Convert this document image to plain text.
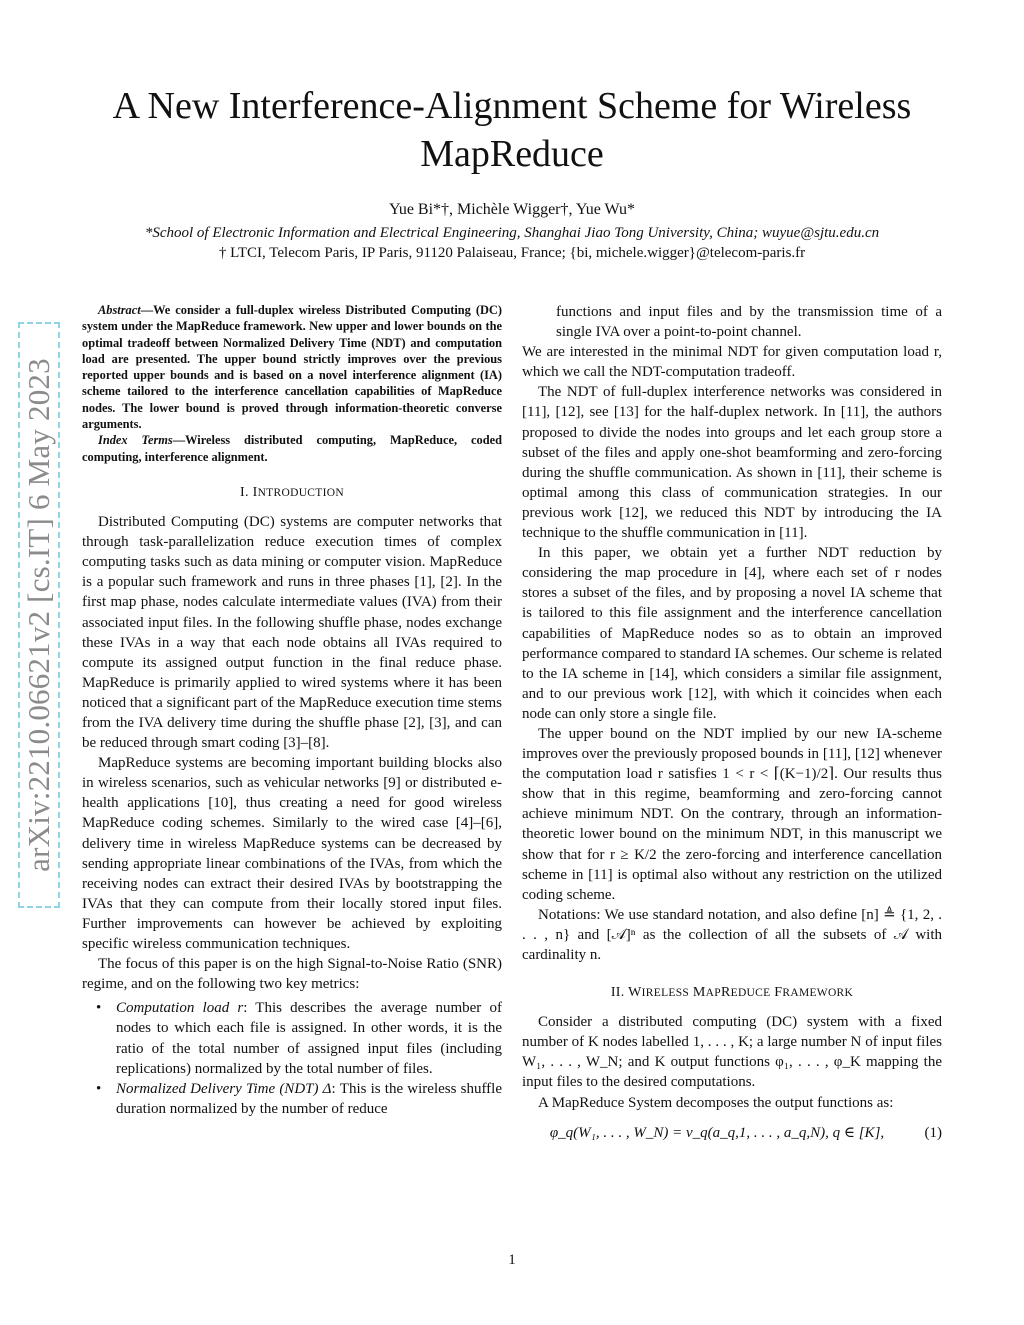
arXiv:2210.06621v2 [cs.IT] 6 May 2023
A New Interference-Alignment Scheme for Wireless MapReduce
Yue Bi*†, Michèle Wigger†, Yue Wu*
*School of Electronic Information and Electrical Engineering, Shanghai Jiao Tong University, China; wuyue@sjtu.edu.cn
† LTCI, Telecom Paris, IP Paris, 91120 Palaiseau, France; {bi, michele.wigger}@telecom-paris.fr

Abstract—We consider a full-duplex wireless Distributed Computing (DC) system under the MapReduce framework. New upper and lower bounds on the optimal tradeoff between Normalized Delivery Time (NDT) and computation load are presented. The upper bound strictly improves over the previous reported upper bounds and is based on a novel interference alignment (IA) scheme tailored to the interference cancellation capabilities of MapReduce nodes. The lower bound is proved through information-theoretic converse arguments.

Index Terms—Wireless distributed computing, MapReduce, coded computing, interference alignment.

I. INTRODUCTION

Distributed Computing (DC) systems are computer networks that through task-parallelization reduce execution times of complex computing tasks such as data mining or computer vision. MapReduce is a popular such framework and runs in three phases [1], [2]. In the first map phase, nodes calculate intermediate values (IVA) from their associated input files. In the following shuffle phase, nodes exchange these IVAs in a way that each node obtains all IVAs required to compute its assigned output function in the final reduce phase. MapReduce is primarily applied to wired systems where it has been noticed that a significant part of the MapReduce execution time stems from the IVA delivery time during the shuffle phase [2], [3], and can be reduced through smart coding [3]–[8].

MapReduce systems are becoming important building blocks also in wireless scenarios, such as vehicular networks [9] or distributed e-health applications [10], thus creating a need for good wireless MapReduce coding schemes. Similarly to the wired case [4]–[6], delivery time in wireless MapReduce systems can be decreased by sending appropriate linear combinations of the IVAs, from which the receiving nodes can extract their desired IVAs by bootstrapping the IVAs that they can compute from their locally stored input files. Further improvements can however be achieved by exploiting specific wireless communication techniques.

The focus of this paper is on the high Signal-to-Noise Ratio (SNR) regime, and on the following two key metrics:

• Computation load r: This describes the average number of nodes to which each file is assigned. In other words, it is the ratio of the total number of assigned input files (including replications) normalized by the total number of files.
• Normalized Delivery Time (NDT) Δ: This is the wireless shuffle duration normalized by the number of reduce

functions and input files and by the transmission time of a single IVA over a point-to-point channel.

We are interested in the minimal NDT for given computation load r, which we call the NDT-computation tradeoff.

The NDT of full-duplex interference networks was considered in [11], [12], see [13] for the half-duplex network. In [11], the authors proposed to divide the nodes into groups and let each group store a subset of the files and apply one-shot beamforming and zero-forcing during the shuffle communication. As shown in [11], their scheme is optimal among this class of communication strategies. In our previous work [12], we reduced this NDT by introducing the IA technique to the shuffle communication in [11].

In this paper, we obtain yet a further NDT reduction by considering the map procedure in [4], where each set of r nodes stores a subset of the files, and by proposing a novel IA scheme that is tailored to this file assignment and the interference cancellation capabilities of MapReduce nodes so as to obtain an improved performance compared to standard IA schemes. Our scheme is related to the IA scheme in [14], which considers a similar file assignment, and to our previous work [12], with which it coincides when each node can only store a single file.

The upper bound on the NDT implied by our new IA-scheme improves over the previously proposed bounds in [11], [12] whenever the computation load r satisfies 1 < r < ⌈(K−1)/2⌉. Our results thus show that in this regime, beamforming and zero-forcing cannot achieve minimum NDT. On the contrary, through an information-theoretic lower bound on the minimum NDT, in this manuscript we show that for r ≥ K/2 the zero-forcing and interference cancellation scheme in [11] is optimal also without any restriction on the utilized coding scheme.

Notations: We use standard notation, and also define [n] ≜ {1, 2, . . . , n} and [𝒜]ⁿ as the collection of all the subsets of 𝒜 with cardinality n.

II. WIRELESS MAPREDUCE FRAMEWORK

Consider a distributed computing (DC) system with a fixed number of K nodes labelled 1, . . . , K; a large number N of input files W₁, . . . , W_N; and K output functions φ₁, . . . , φ_K mapping the input files to the desired computations.

A MapReduce System decomposes the output functions as:

φ_q(W₁, . . . , W_N) = v_q(a_q,1, . . . , a_q,N), q ∈ [K],	(1)
1
